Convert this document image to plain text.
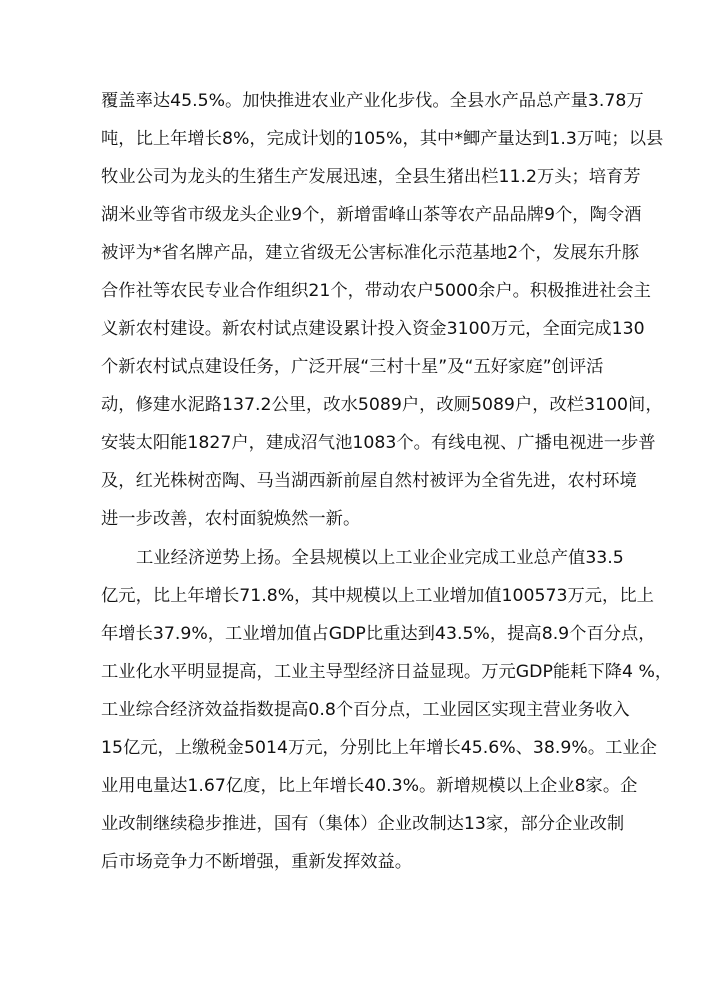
覆盖率达45.5%。加快推进农业产业化步伐。全县水产品总产量3.78万
吨，比上年增长8%，完成计划的105%，其中*鲫产量达到1.3万吨；以县
牧业公司为龙头的生猪生产发展迅速，全县生猪出栏11.2万头；培育芳
湖米业等省市级龙头企业9个，新增雷峰山茶等农产品品牌9个，陶令酒
被评为*省名牌产品，建立省级无公害标准化示范基地2个，发展东升豚
合作社等农民专业合作组织21个，带动农户5000余户。积极推进社会主
义新农村建设。新农村试点建设累计投入资金3100万元，全面完成130
个新农村试点建设任务，广泛开展“三村十星”及“五好家庭”创评活
动，修建水泥路137.2公里，改水5089户，改厕5089户，改栏3100间，
安装太阳能1827户，建成沼气池1083个。有线电视、广播电视进一步普
及，红光株树峦陶、马当湖西新前屋自然村被评为全省先进，农村环境
进一步改善，农村面貌焕然一新。
工业经济逆势上扬。全县规模以上工业企业完成工业总产值33.5
亿元，比上年增长71.8%，其中规模以上工业增加值100573万元，比上
年增长37.9%，工业增加值占GDP比重达到43.5%，提高8.9个百分点，
工业化水平明显提高，工业主导型经济日益显现。万元GDP能耗下降4 %，
工业综合经济效益指数提高0.8个百分点，工业园区实现主营业务收入
15亿元，上缴税金5014万元，分别比上年增长45.6%、38.9%。工业企
业用电量达1.67亿度，比上年增长40.3%。新增规模以上企业8家。企
业改制继续稳步推进，国有（集体）企业改制达13家，部分企业改制
后市场竞争力不断增强，重新发挥效益。
